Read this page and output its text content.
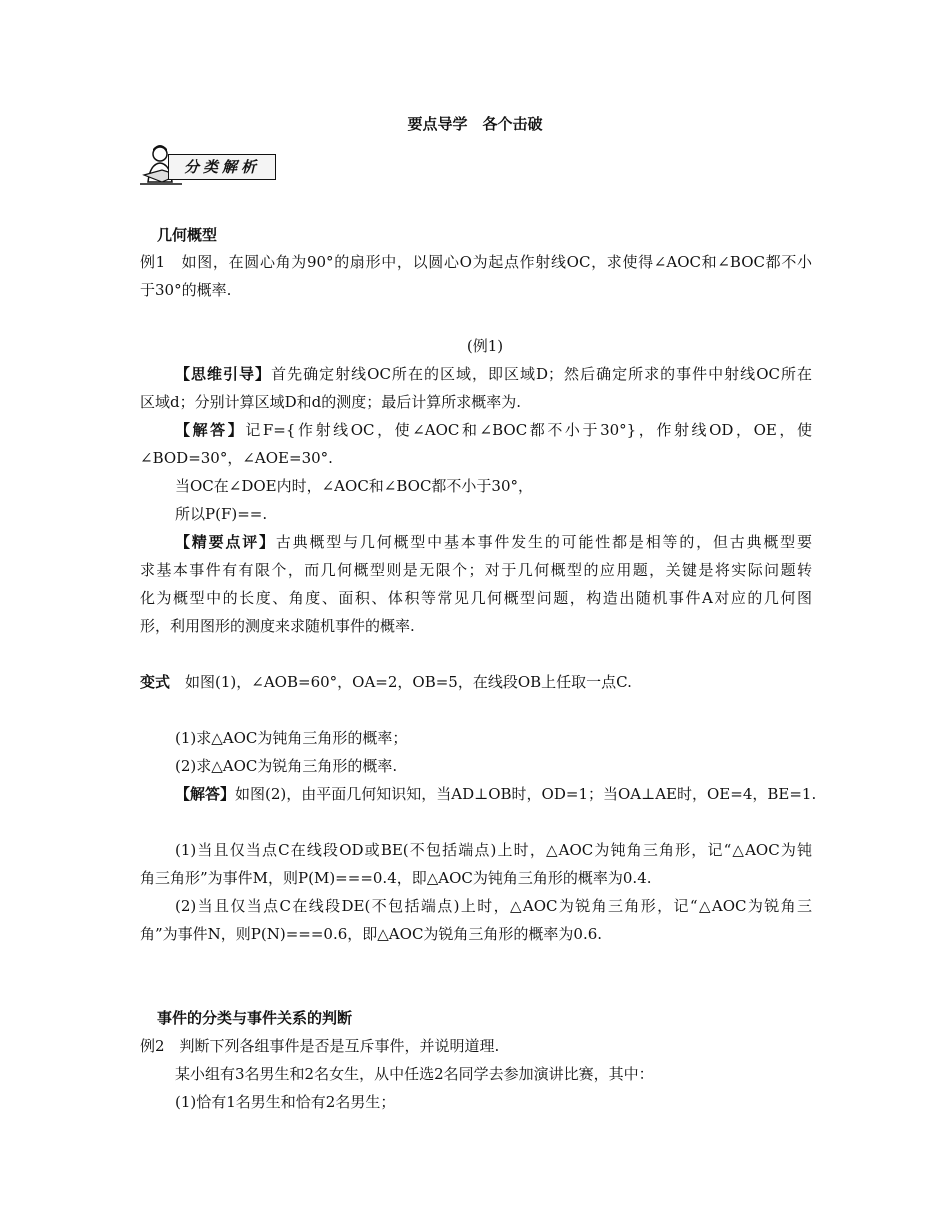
要点导学　各个击破
分类解析
几何概型
例1　如图，在圆心角为90°的扇形中，以圆心O为起点作射线OC，求使得∠AOC和∠BOC都不小
于30°的概率.
(例1)
【思维引导】首先确定射线OC所在的区域，即区域D；然后确定所求的事件中射线OC所在
区域d；分别计算区域D和d的测度；最后计算所求概率为.
【解答】记F={作射线OC，使∠AOC和∠BOC都不小于30°}，作射线OD，OE，使
∠BOD=30°，∠AOE=30°.
当OC在∠DOE内时，∠AOC和∠BOC都不小于30°，
所以P(F)==.
【精要点评】古典概型与几何概型中基本事件发生的可能性都是相等的，但古典概型要
求基本事件有有限个，而几何概型则是无限个；对于几何概型的应用题，关键是将实际问题转
化为概型中的长度、角度、面积、体积等常见几何概型问题，构造出随机事件A对应的几何图
形，利用图形的测度来求随机事件的概率.
变式　 如图(1)，∠AOB=60°，OA=2，OB=5，在线段OB上任取一点C.
(1)求△AOC为钝角三角形的概率；
(2)求△AOC为锐角三角形的概率.
【解答】如图(2)，由平面几何知识知，当AD⊥OB时，OD=1；当OA⊥AE时，OE=4，BE=1.
(1)当且仅当点C在线段OD或BE(不包括端点)上时，△AOC为钝角三角形，记“△AOC为钝
角三角形”为事件M，则P(M)===0.4，即△AOC为钝角三角形的概率为0.4.
(2)当且仅当点C在线段DE(不包括端点)上时，△AOC为锐角三角形，记“△AOC为锐角三
角”为事件N，则P(N)===0.6，即△AOC为锐角三角形的概率为0.6.
事件的分类与事件关系的判断
例2　判断下列各组事件是否是互斥事件，并说明道理.
某小组有3名男生和2名女生，从中任选2名同学去参加演讲比赛，其中：
(1)恰有1名男生和恰有2名男生；
